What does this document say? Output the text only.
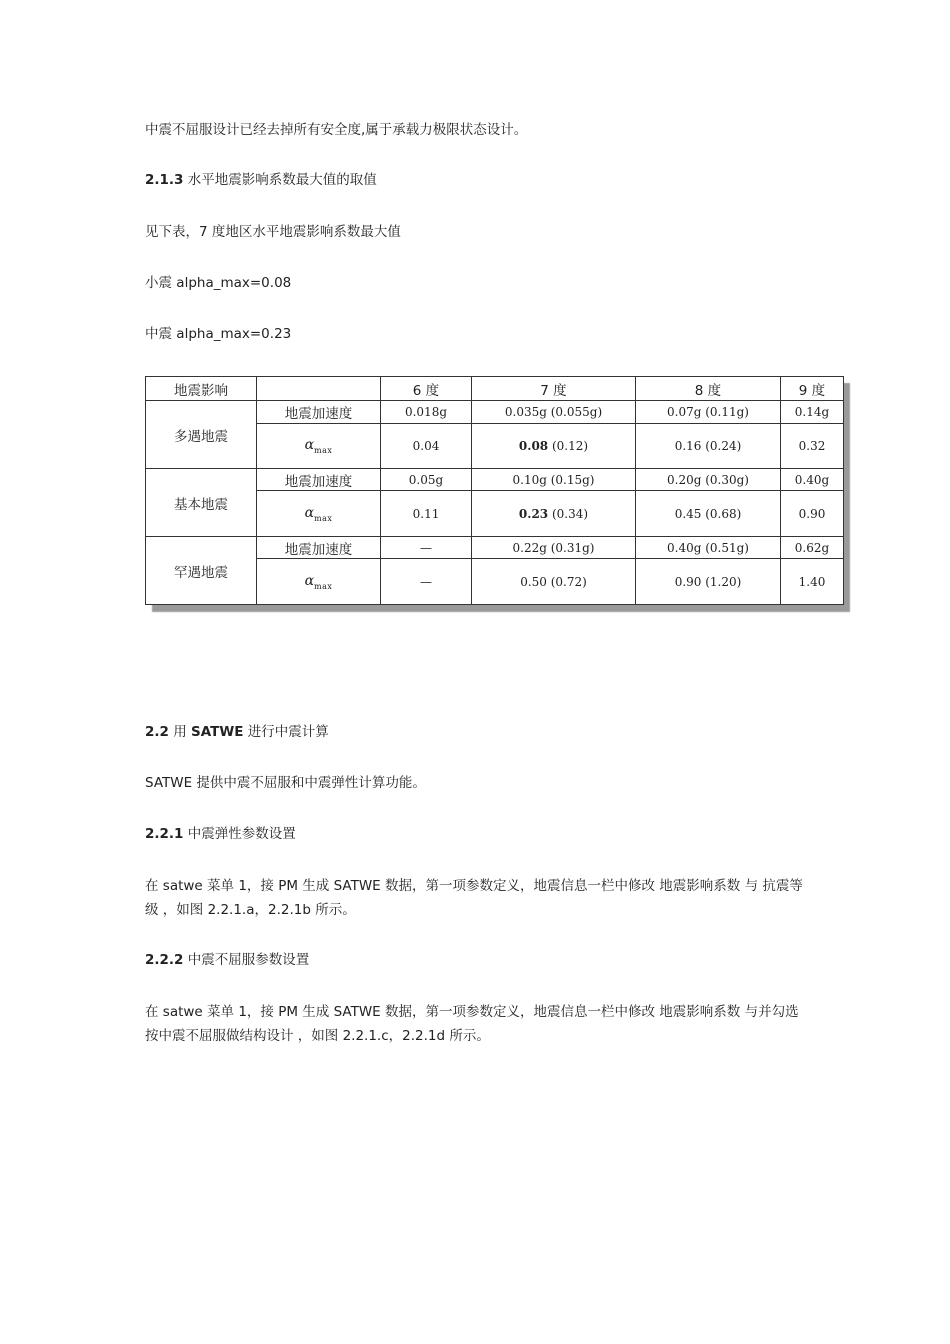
中震不屈服设计已经去掉所有安全度,属于承载力极限状态设计。
2.1.3 水平地震影响系数最大值的取值
见下表，7 度地区水平地震影响系数最大值
小震 alpha_max=0.08
中震 alpha_max=0.23
地震影响		6 度	7 度	8 度	9 度
多遇地震	地震加速度	0.018g	0.035g (0.055g)	0.07g (0.11g)	0.14g
	$\alpha_{max}$	0.04	0.08 (0.12)	0.16 (0.24)	0.32
基本地震	地震加速度	0.05g	0.10g (0.15g)	0.20g (0.30g)	0.40g
	$\alpha_{max}$	0.11	0.23 (0.34)	0.45 (0.68)	0.90
罕遇地震	地震加速度	—	0.22g (0.31g)	0.40g (0.51g)	0.62g
	$\alpha_{max}$	—	0.50 (0.72)	0.90 (1.20)	1.40
2.2 用 SATWE 进行中震计算
SATWE 提供中震不屈服和中震弹性计算功能。
2.2.1 中震弹性参数设置
在 satwe 菜单 1，接 PM 生成 SATWE 数据，第一项参数定义，地震信息一栏中修改 地震影响系数 与 抗震等级 ，如图 2.2.1.a，2.2.1b 所示。
2.2.2 中震不屈服参数设置
在 satwe 菜单 1，接 PM 生成 SATWE 数据，第一项参数定义，地震信息一栏中修改 地震影响系数 与并勾选 按中震不屈服做结构设计 ，如图 2.2.1.c，2.2.1d 所示。
